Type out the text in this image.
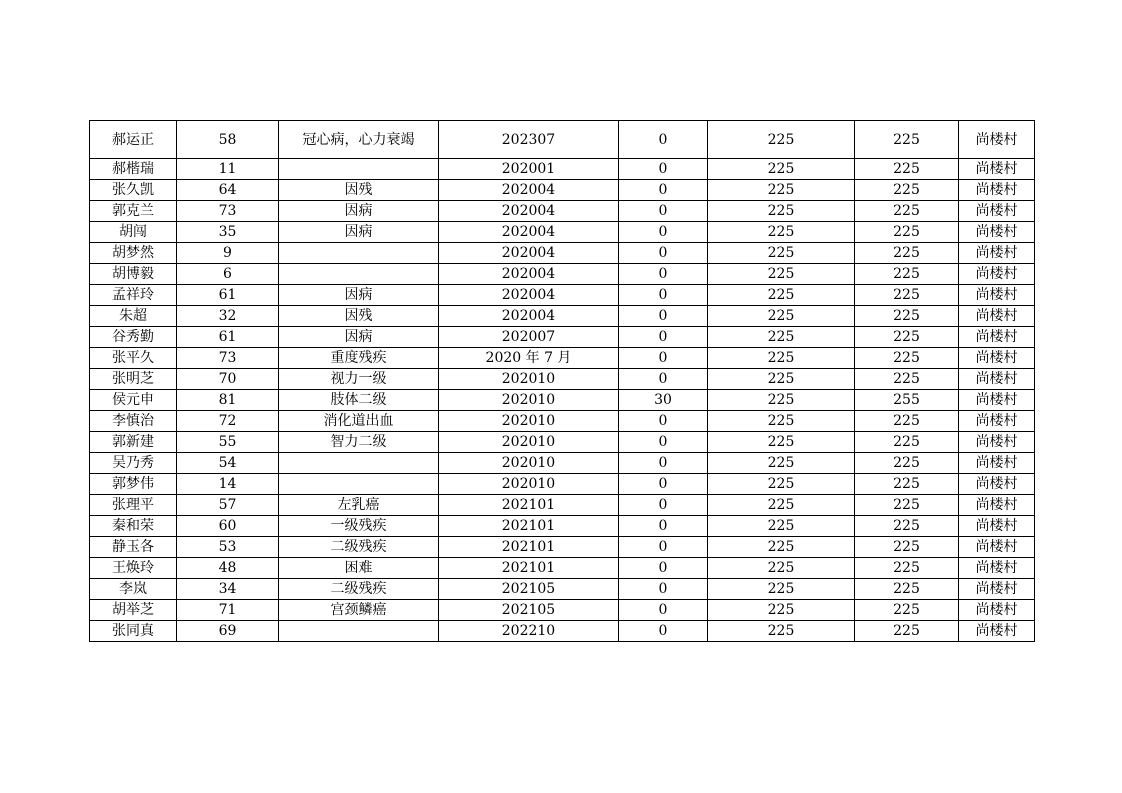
郝运正	58	冠心病，心力衰竭	202307	0	225	225	尚楼村
郝楷瑞	11		202001	0	225	225	尚楼村
张久凯	64	因残	202004	0	225	225	尚楼村
郭克兰	73	因病	202004	0	225	225	尚楼村
胡闯	35	因病	202004	0	225	225	尚楼村
胡梦然	9		202004	0	225	225	尚楼村
胡博毅	6		202004	0	225	225	尚楼村
孟祥玲	61	因病	202004	0	225	225	尚楼村
朱超	32	因残	202004	0	225	225	尚楼村
谷秀勤	61	因病	202007	0	225	225	尚楼村
张平久	73	重度残疾	2020 年 7 月	0	225	225	尚楼村
张明芝	70	视力一级	202010	0	225	225	尚楼村
侯元申	81	肢体二级	202010	30	225	255	尚楼村
李慎治	72	消化道出血	202010	0	225	225	尚楼村
郭新建	55	智力二级	202010	0	225	225	尚楼村
吴乃秀	54		202010	0	225	225	尚楼村
郭梦伟	14		202010	0	225	225	尚楼村
张理平	57	左乳癌	202101	0	225	225	尚楼村
秦和荣	60	一级残疾	202101	0	225	225	尚楼村
静玉各	53	二级残疾	202101	0	225	225	尚楼村
王焕玲	48	困难	202101	0	225	225	尚楼村
李岚	34	二级残疾	202105	0	225	225	尚楼村
胡举芝	71	宫颈鳞癌	202105	0	225	225	尚楼村
张同真	69		202210	0	225	225	尚楼村
